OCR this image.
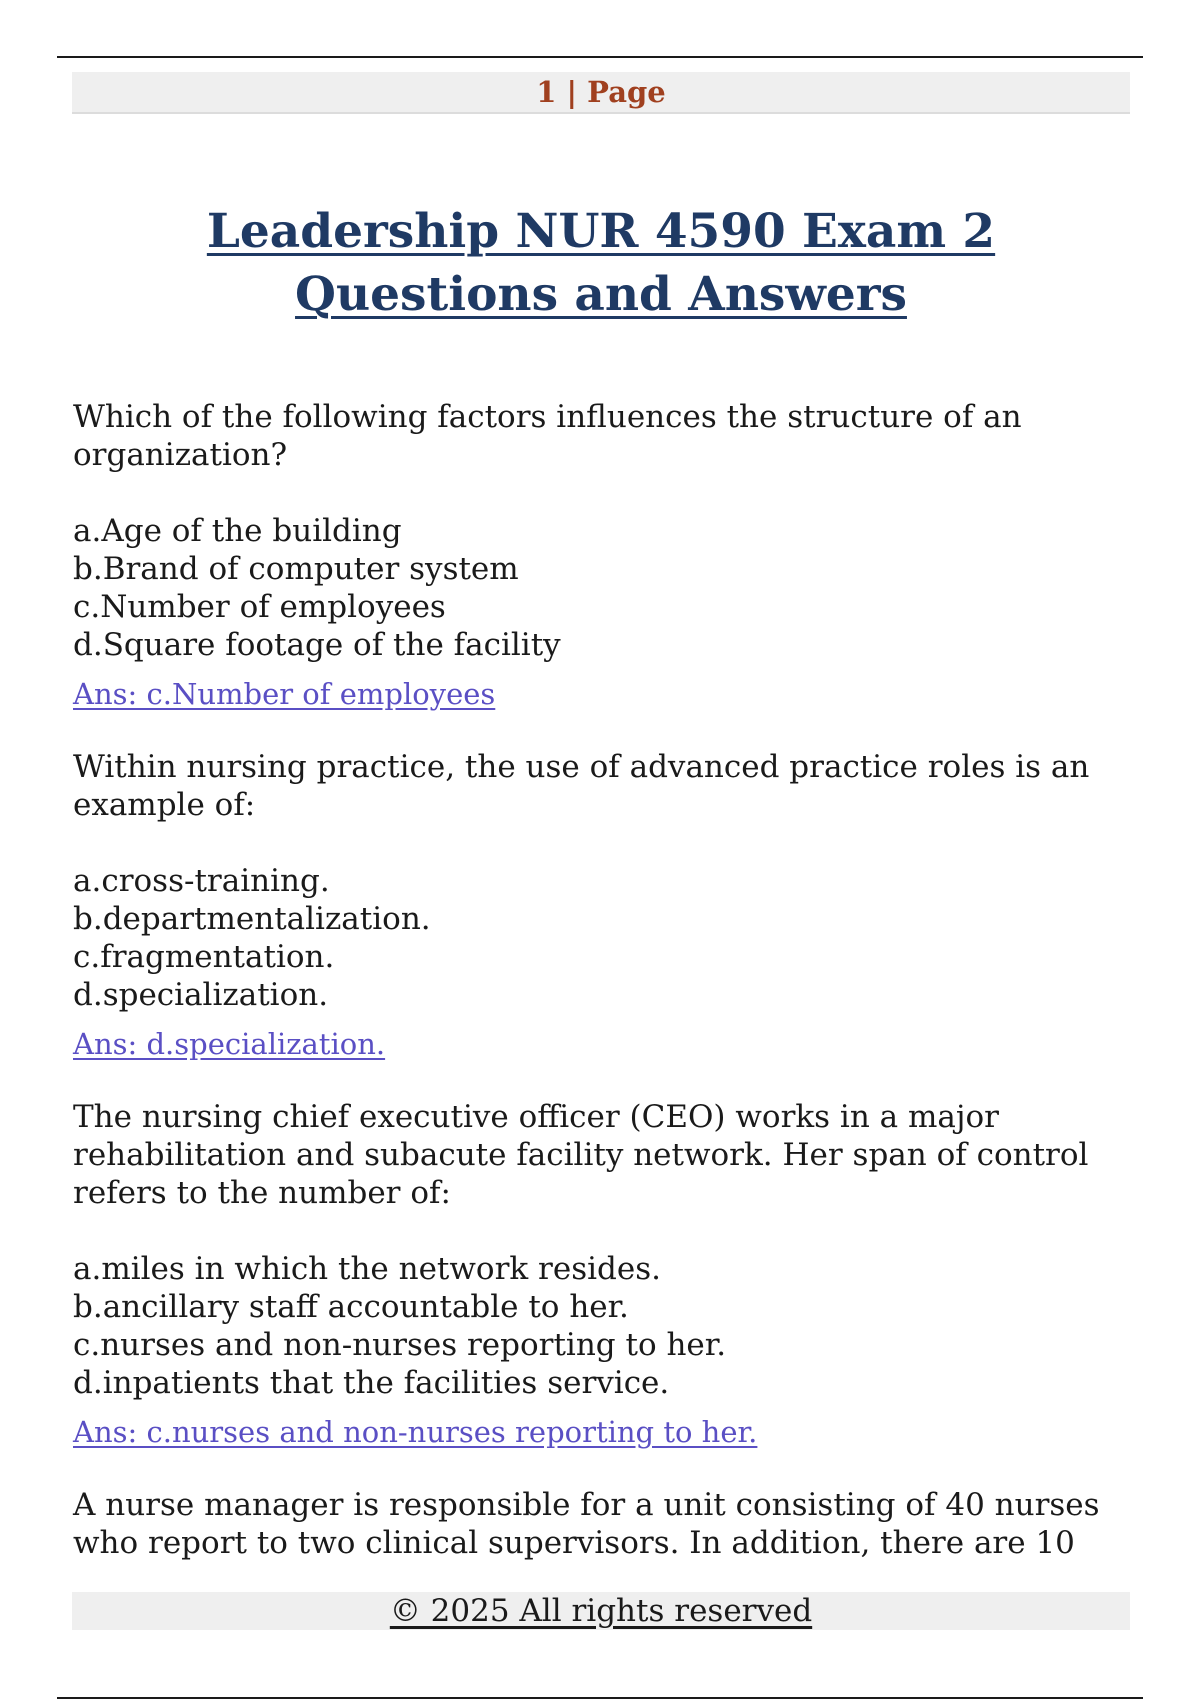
1 | Page
Leadership NUR 4590 Exam 2 Questions and Answers

Which of the following factors influences the structure of an organization?

a.Age of the building
b.Brand of computer system
c.Number of employees
d.Square footage of the facility
Ans: c.Number of employees

Within nursing practice, the use of advanced practice roles is an example of:

a.cross-training.
b.departmentalization.
c.fragmentation.
d.specialization.
Ans: d.specialization.

The nursing chief executive officer (CEO) works in a major rehabilitation and subacute facility network. Her span of control refers to the number of:

a.miles in which the network resides.
b.ancillary staff accountable to her.
c.nurses and non-nurses reporting to her.
d.inpatients that the facilities service.
Ans: c.nurses and non-nurses reporting to her.

A nurse manager is responsible for a unit consisting of 40 nurses who report to two clinical supervisors. In addition, there are 10

© 2025 All rights reserved
